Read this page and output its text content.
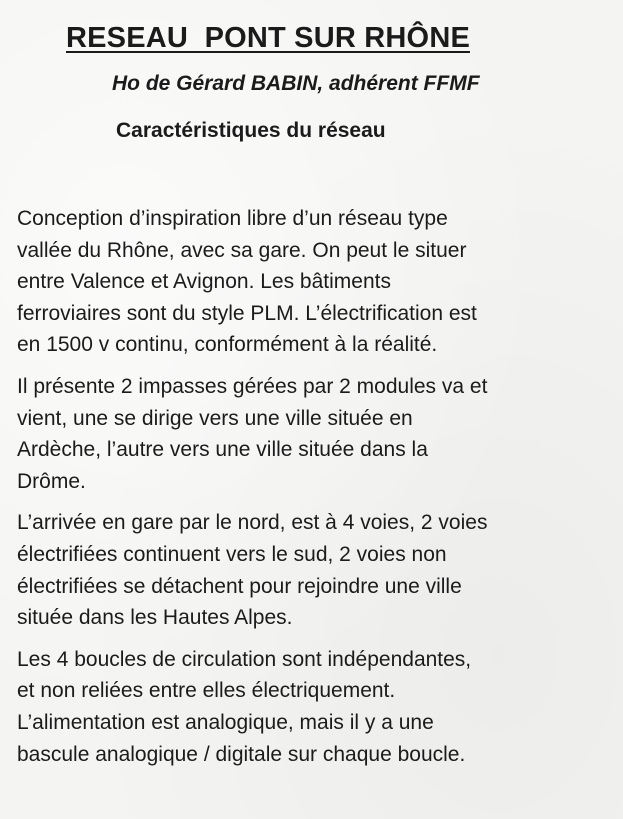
RESEAU  PONT SUR RHÔNE

Ho de Gérard BABIN, adhérent FFMF

Caractéristiques du réseau

Conception d’inspiration libre d’un réseau type
vallée du Rhône, avec sa gare. On peut le situer
entre Valence et Avignon. Les bâtiments
ferroviaires sont du style PLM. L’électrification est
en 1500 v continu, conformément à la réalité.

Il présente 2 impasses gérées par 2 modules va et
vient, une se dirige vers une ville située en
Ardèche, l’autre vers une ville située dans la
Drôme.

L’arrivée en gare par le nord, est à 4 voies, 2 voies
électrifiées continuent vers le sud, 2 voies non
électrifiées se détachent pour rejoindre une ville
située dans les Hautes Alpes.

Les 4 boucles de circulation sont indépendantes,
et non reliées entre elles électriquement.
L’alimentation est analogique, mais il y a une
bascule analogique / digitale sur chaque boucle.
